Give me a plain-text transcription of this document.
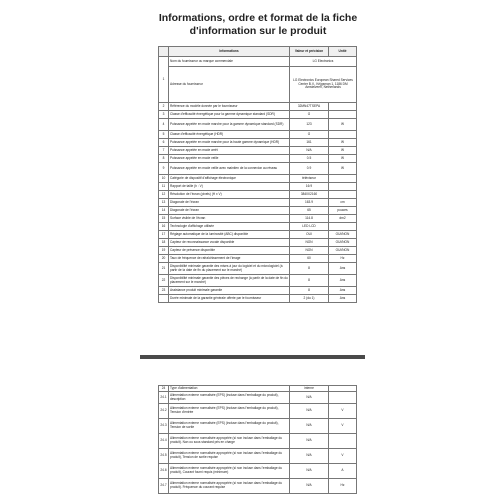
Informations, ordre et format de la fiche
d'information sur le produit
	Informations	Valeur et précision	Unité
1	Nom du fournisseur ou marque commerciale	LG Electronics	
	Adresse du fournisseur	LG Electronics European Shared Services Center B.V., Krijgsman 1, 1186 DM Amstelveen, Netherlands	
2	Référence du modèle donnée par le fournisseur	32MN47TSEPA	
3	Classe d'efficacité énergétique pour la gamme dynamique standard (SDR)	G	
4	Puissance appelée en mode marche pour la gamme dynamique standard (SDR)	123	W
5	Classe d'efficacité énergétique (HDR)	G	
6	Puissance appelée en mode marche pour la haute gamme dynamique (HDR)	161	W
7	Puissance appelée en mode arrêt	N/A	W
8	Puissance appelée en mode veille	0.5	W
9	Puissance appelée en mode veille avec maintien de la connexion au réseau	0.9	W
10	Catégorie de dispositif d'affichage électronique	téléviseur	
11	Rapport de taille (h : V)	16:9	
12	Résolution de l'écran (pixels) (H x V)	3840X2160	
13	Diagonale de l'écran	163.9	cm
14	Diagonale de l'écran	65	pouces
15	Surface visible de l'écran	114.8	dm2
16	Technologie d'affichage utilisée	LED LCD	
17	Réglage automatique de la luminosité (ABC) disponible	OUI	OUI/NON
18	Capteur de reconnaissance vocale disponible	NON	OUI/NON
19	Capteur de présence disponible	NON	OUI/NON
20	Taux de fréquence de rafraîchissement de l'image	60	Hz
21	Disponibilité minimale garantie des mises à jour du logiciel et du micrologiciel (à partir de la date de fin du placement sur le marché)	8	Ans
22	Disponibilité minimale garantie des pièces de rechange (à partir de la date de fin du placement sur le marché)	8	Ans
23	Assistance produit minimale garantie	8	Ans
	Durée minimale de la garantie générale offerte par le fournisseur	2 (du 1)	Ans
24	Type d'alimentation	interne	
24.1	Alimentation externe normalisée (EPS) (incluse dans l'emballage du produit), description	N/A	
24.2	Alimentation externe normalisée (EPS) (incluse dans l'emballage du produit), Tension d'entrée	N/A	V
24.3	Alimentation externe normalisée (EPS) (incluse dans l'emballage du produit), Tension de sortie	N/A	V
24.4	Alimentation externe normalisée appropriée (si non incluse dans l'emballage du produit). Non ou sous standard pris en charge	N/A	
24.5	Alimentation externe normalisée appropriée (si non incluse dans l'emballage du produit), Tension de sortie requise	N/A	V
24.6	Alimentation externe normalisée appropriée (si non incluse dans l'emballage du produit), Courant fourni requis (minimum)	N/A	A
24.7	Alimentation externe normalisée appropriée (si non incluse dans l'emballage du produit). Fréquence du courant requise	N/A	Hz
